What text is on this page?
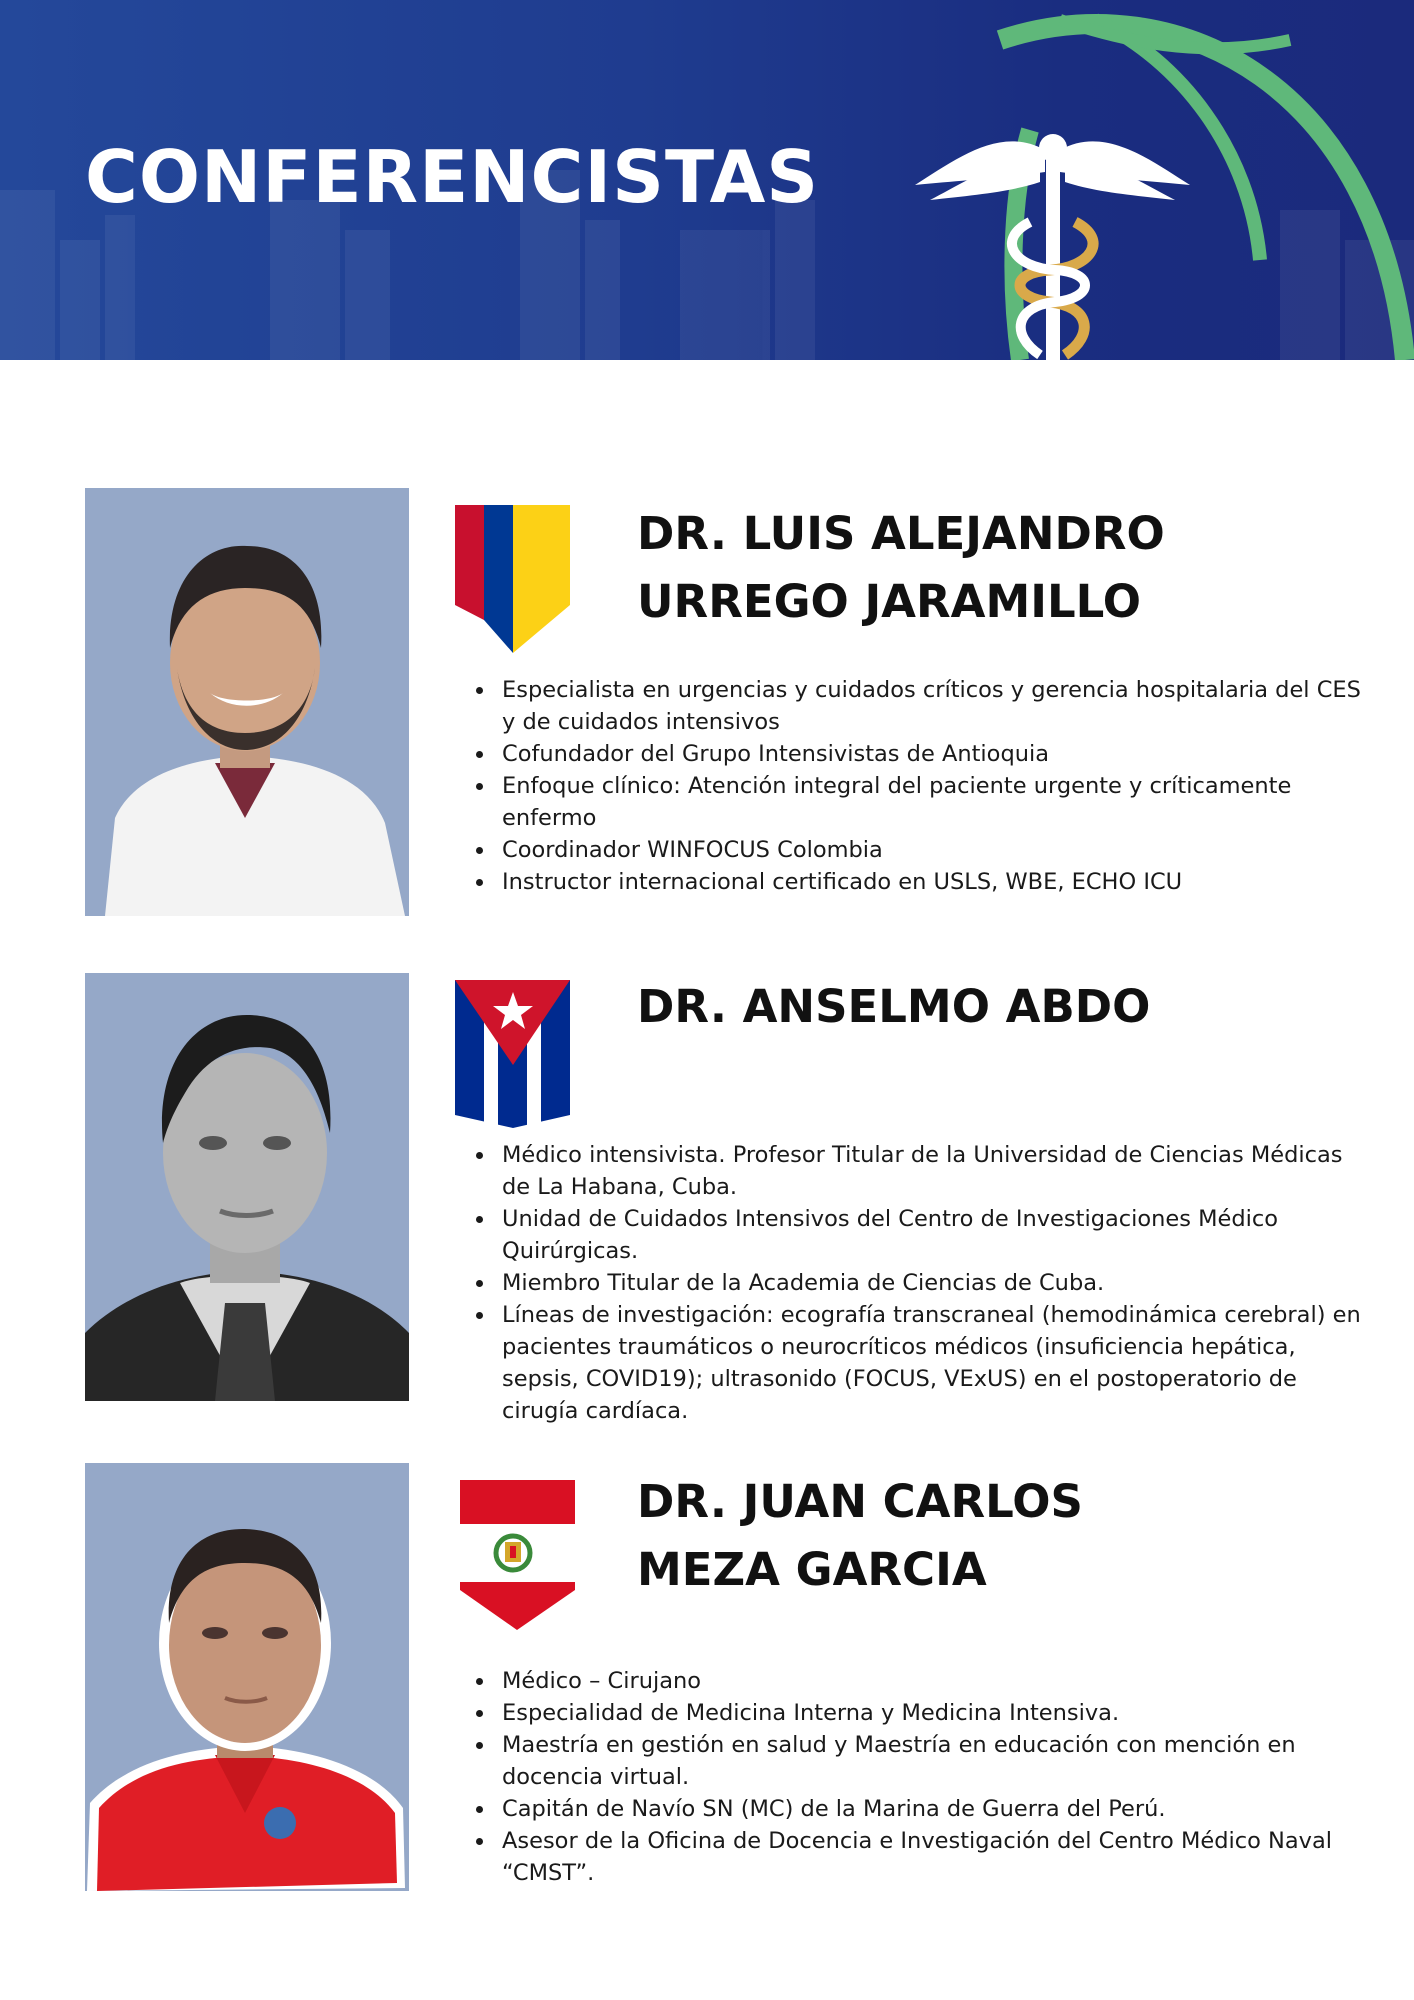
CONFERENCISTAS
DR. LUIS ALEJANDRO
URREGO JARAMILLO
• Especialista en urgencias y cuidados críticos y gerencia hospitalaria del CES y de cuidados intensivos
• Cofundador del Grupo Intensivistas de Antioquia
• Enfoque clínico: Atención integral del paciente urgente y críticamente enfermo
• Coordinador WINFOCUS Colombia
• Instructor internacional certificado en USLS, WBE, ECHO ICU
DR. ANSELMO ABDO
• Médico intensivista. Profesor Titular de la Universidad de Ciencias Médicas de La Habana, Cuba.
• Unidad de Cuidados Intensivos del Centro de Investigaciones Médico Quirúrgicas.
• Miembro Titular de la Academia de Ciencias de Cuba.
• Líneas de investigación: ecografía transcraneal (hemodinámica cerebral) en pacientes traumáticos o neurocríticos médicos (insuficiencia hepática, sepsis, COVID19); ultrasonido (FOCUS, VExUS) en el postoperatorio de cirugía cardíaca.
DR. JUAN CARLOS
MEZA GARCIA
• Médico – Cirujano
• Especialidad de Medicina Interna y Medicina Intensiva.
• Maestría en gestión en salud y Maestría en educación con mención en docencia virtual.
• Capitán de Navío SN (MC) de la Marina de Guerra del Perú.
• Asesor de la Oficina de Docencia e Investigación del Centro Médico Naval “CMST”.
